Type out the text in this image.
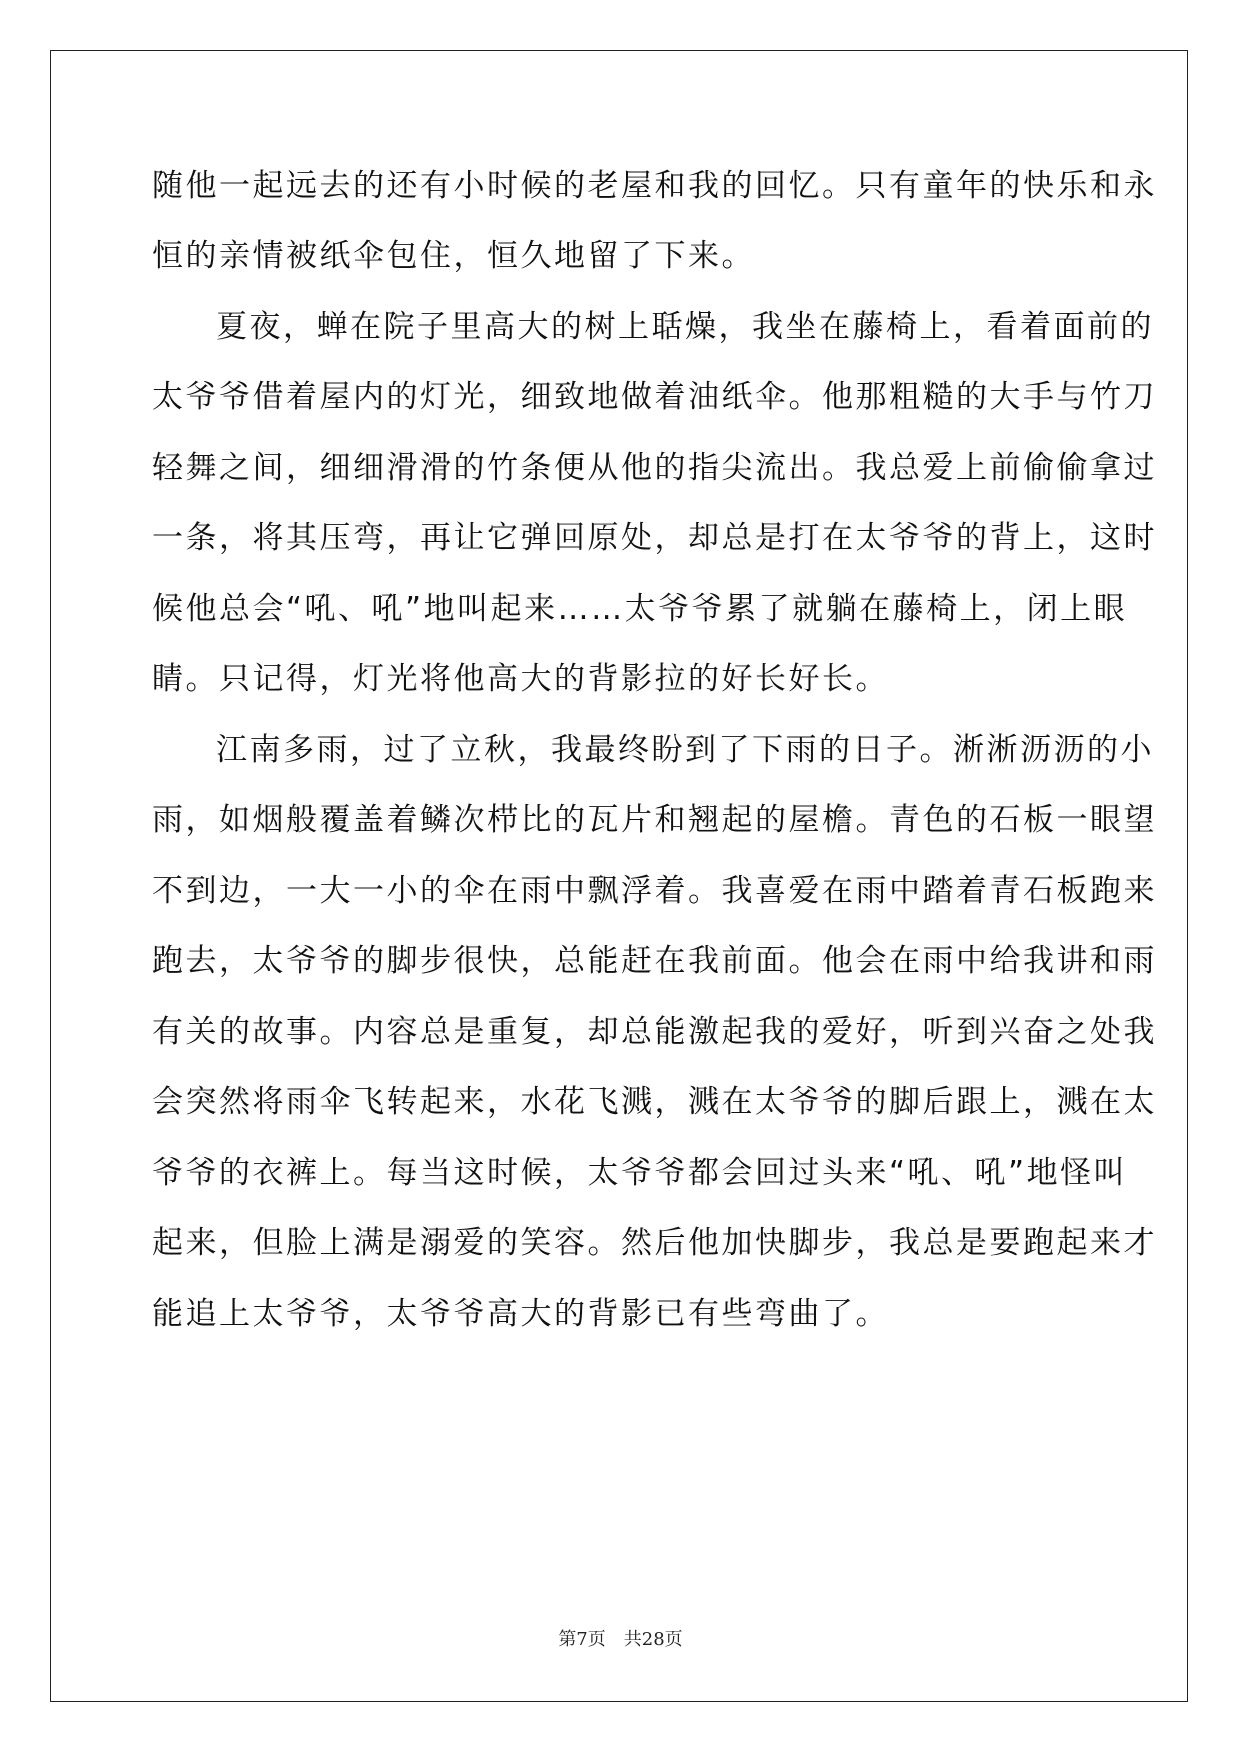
随他一起远去的还有小时候的老屋和我的回忆。只有童年的快乐和永
恒的亲情被纸伞包住，恒久地留了下来。
夏夜，蝉在院子里高大的树上聒燥，我坐在藤椅上，看着面前的
太爷爷借着屋内的灯光，细致地做着油纸伞。他那粗糙的大手与竹刀
轻舞之间，细细滑滑的竹条便从他的指尖流出。我总爱上前偷偷拿过
一条，将其压弯，再让它弹回原处，却总是打在太爷爷的背上，这时
候他总会“吼、吼”地叫起来……太爷爷累了就躺在藤椅上，闭上眼
睛。只记得，灯光将他高大的背影拉的好长好长。
江南多雨，过了立秋，我最终盼到了下雨的日子。淅淅沥沥的小
雨，如烟般覆盖着鳞次栉比的瓦片和翘起的屋檐。青色的石板一眼望
不到边，一大一小的伞在雨中飘浮着。我喜爱在雨中踏着青石板跑来
跑去，太爷爷的脚步很快，总能赶在我前面。他会在雨中给我讲和雨
有关的故事。内容总是重复，却总能激起我的爱好，听到兴奋之处我
会突然将雨伞飞转起来，水花飞溅，溅在太爷爷的脚后跟上，溅在太
爷爷的衣裤上。每当这时候，太爷爷都会回过头来“吼、吼”地怪叫
起来，但脸上满是溺爱的笑容。然后他加快脚步，我总是要跑起来才
能追上太爷爷，太爷爷高大的背影已有些弯曲了。
第7页　共28页
